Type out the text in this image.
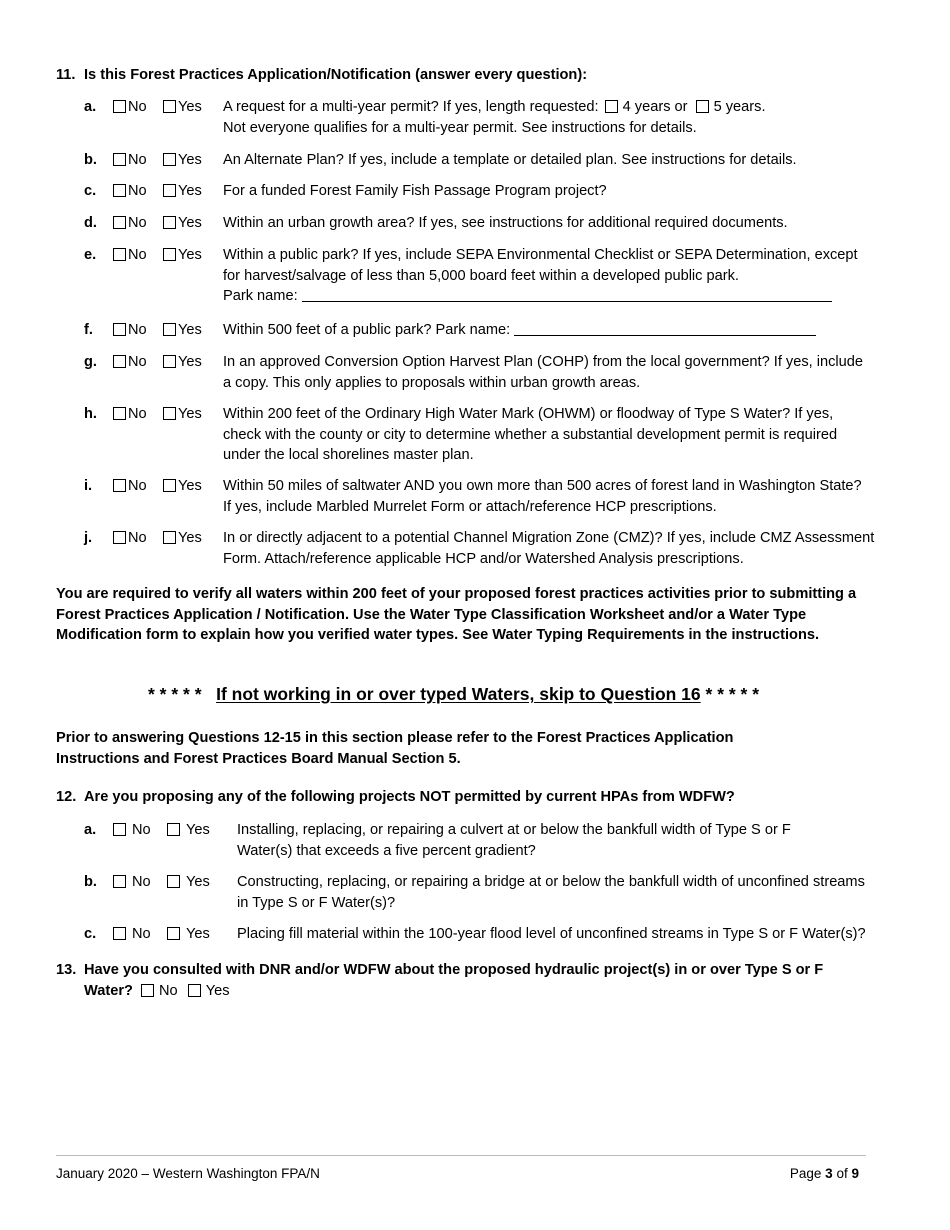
11. Is this Forest Practices Application/Notification (answer every question):
a.	No	Yes A request for a multi-year permit? If yes, length requested: 4 years or 5 years.
Not everyone qualifies for a multi-year permit. See instructions for details.
b.	No	Yes An Alternate Plan? If yes, include a template or detailed plan. See instructions for details.
c.	No	Yes For a funded Forest Family Fish Passage Program project?
d.	No	Yes Within an urban growth area? If yes, see instructions for additional required documents.
e.	No	Yes Within a public park? If yes, include SEPA Environmental Checklist or SEPA Determination, except for harvest/salvage of less than 5,000 board feet within a developed public park.
Park name:
f.	No	Yes Within 500 feet of a public park? Park name:
g.	No	Yes In an approved Conversion Option Harvest Plan (COHP) from the local government? If yes, include a copy. This only applies to proposals within urban growth areas.
h.	No	Yes Within 200 feet of the Ordinary High Water Mark (OHWM) or floodway of Type S Water? If yes, check with the county or city to determine whether a substantial development permit is required under the local shorelines master plan.
i.	No	Yes Within 50 miles of saltwater AND you own more than 500 acres of forest land in Washington State? If yes, include Marbled Murrelet Form or attach/reference HCP prescriptions.
j.	No	Yes In or directly adjacent to a potential Channel Migration Zone (CMZ)? If yes, include CMZ Assessment Form. Attach/reference applicable HCP and/or Watershed Analysis prescriptions.
You are required to verify all waters within 200 feet of your proposed forest practices activities prior to submitting a Forest Practices Application / Notification. Use the Water Type Classification Worksheet and/or a Water Type Modification form to explain how you verified water types. See Water Typing Requirements in the instructions.
* * * * * If not working in or over typed Waters, skip to Question 16 * * * * *
Prior to answering Questions 12-15 in this section please refer to the Forest Practices Application Instructions and Forest Practices Board Manual Section 5.
12. Are you proposing any of the following projects NOT permitted by current HPAs from WDFW?
a.	No	Yes Installing, replacing, or repairing a culvert at or below the bankfull width of Type S or F Water(s) that exceeds a five percent gradient?
b.	No	Yes Constructing, replacing, or repairing a bridge at or below the bankfull width of unconfined streams in Type S or F Water(s)?
c.	No	Yes Placing fill material within the 100-year flood level of unconfined streams in Type S or F Water(s)?
13. Have you consulted with DNR and/or WDFW about the proposed hydraulic project(s) in or over Type S or F
Water? No Yes
January 2020 – Western Washington FPA/N	Page 3 of 9
